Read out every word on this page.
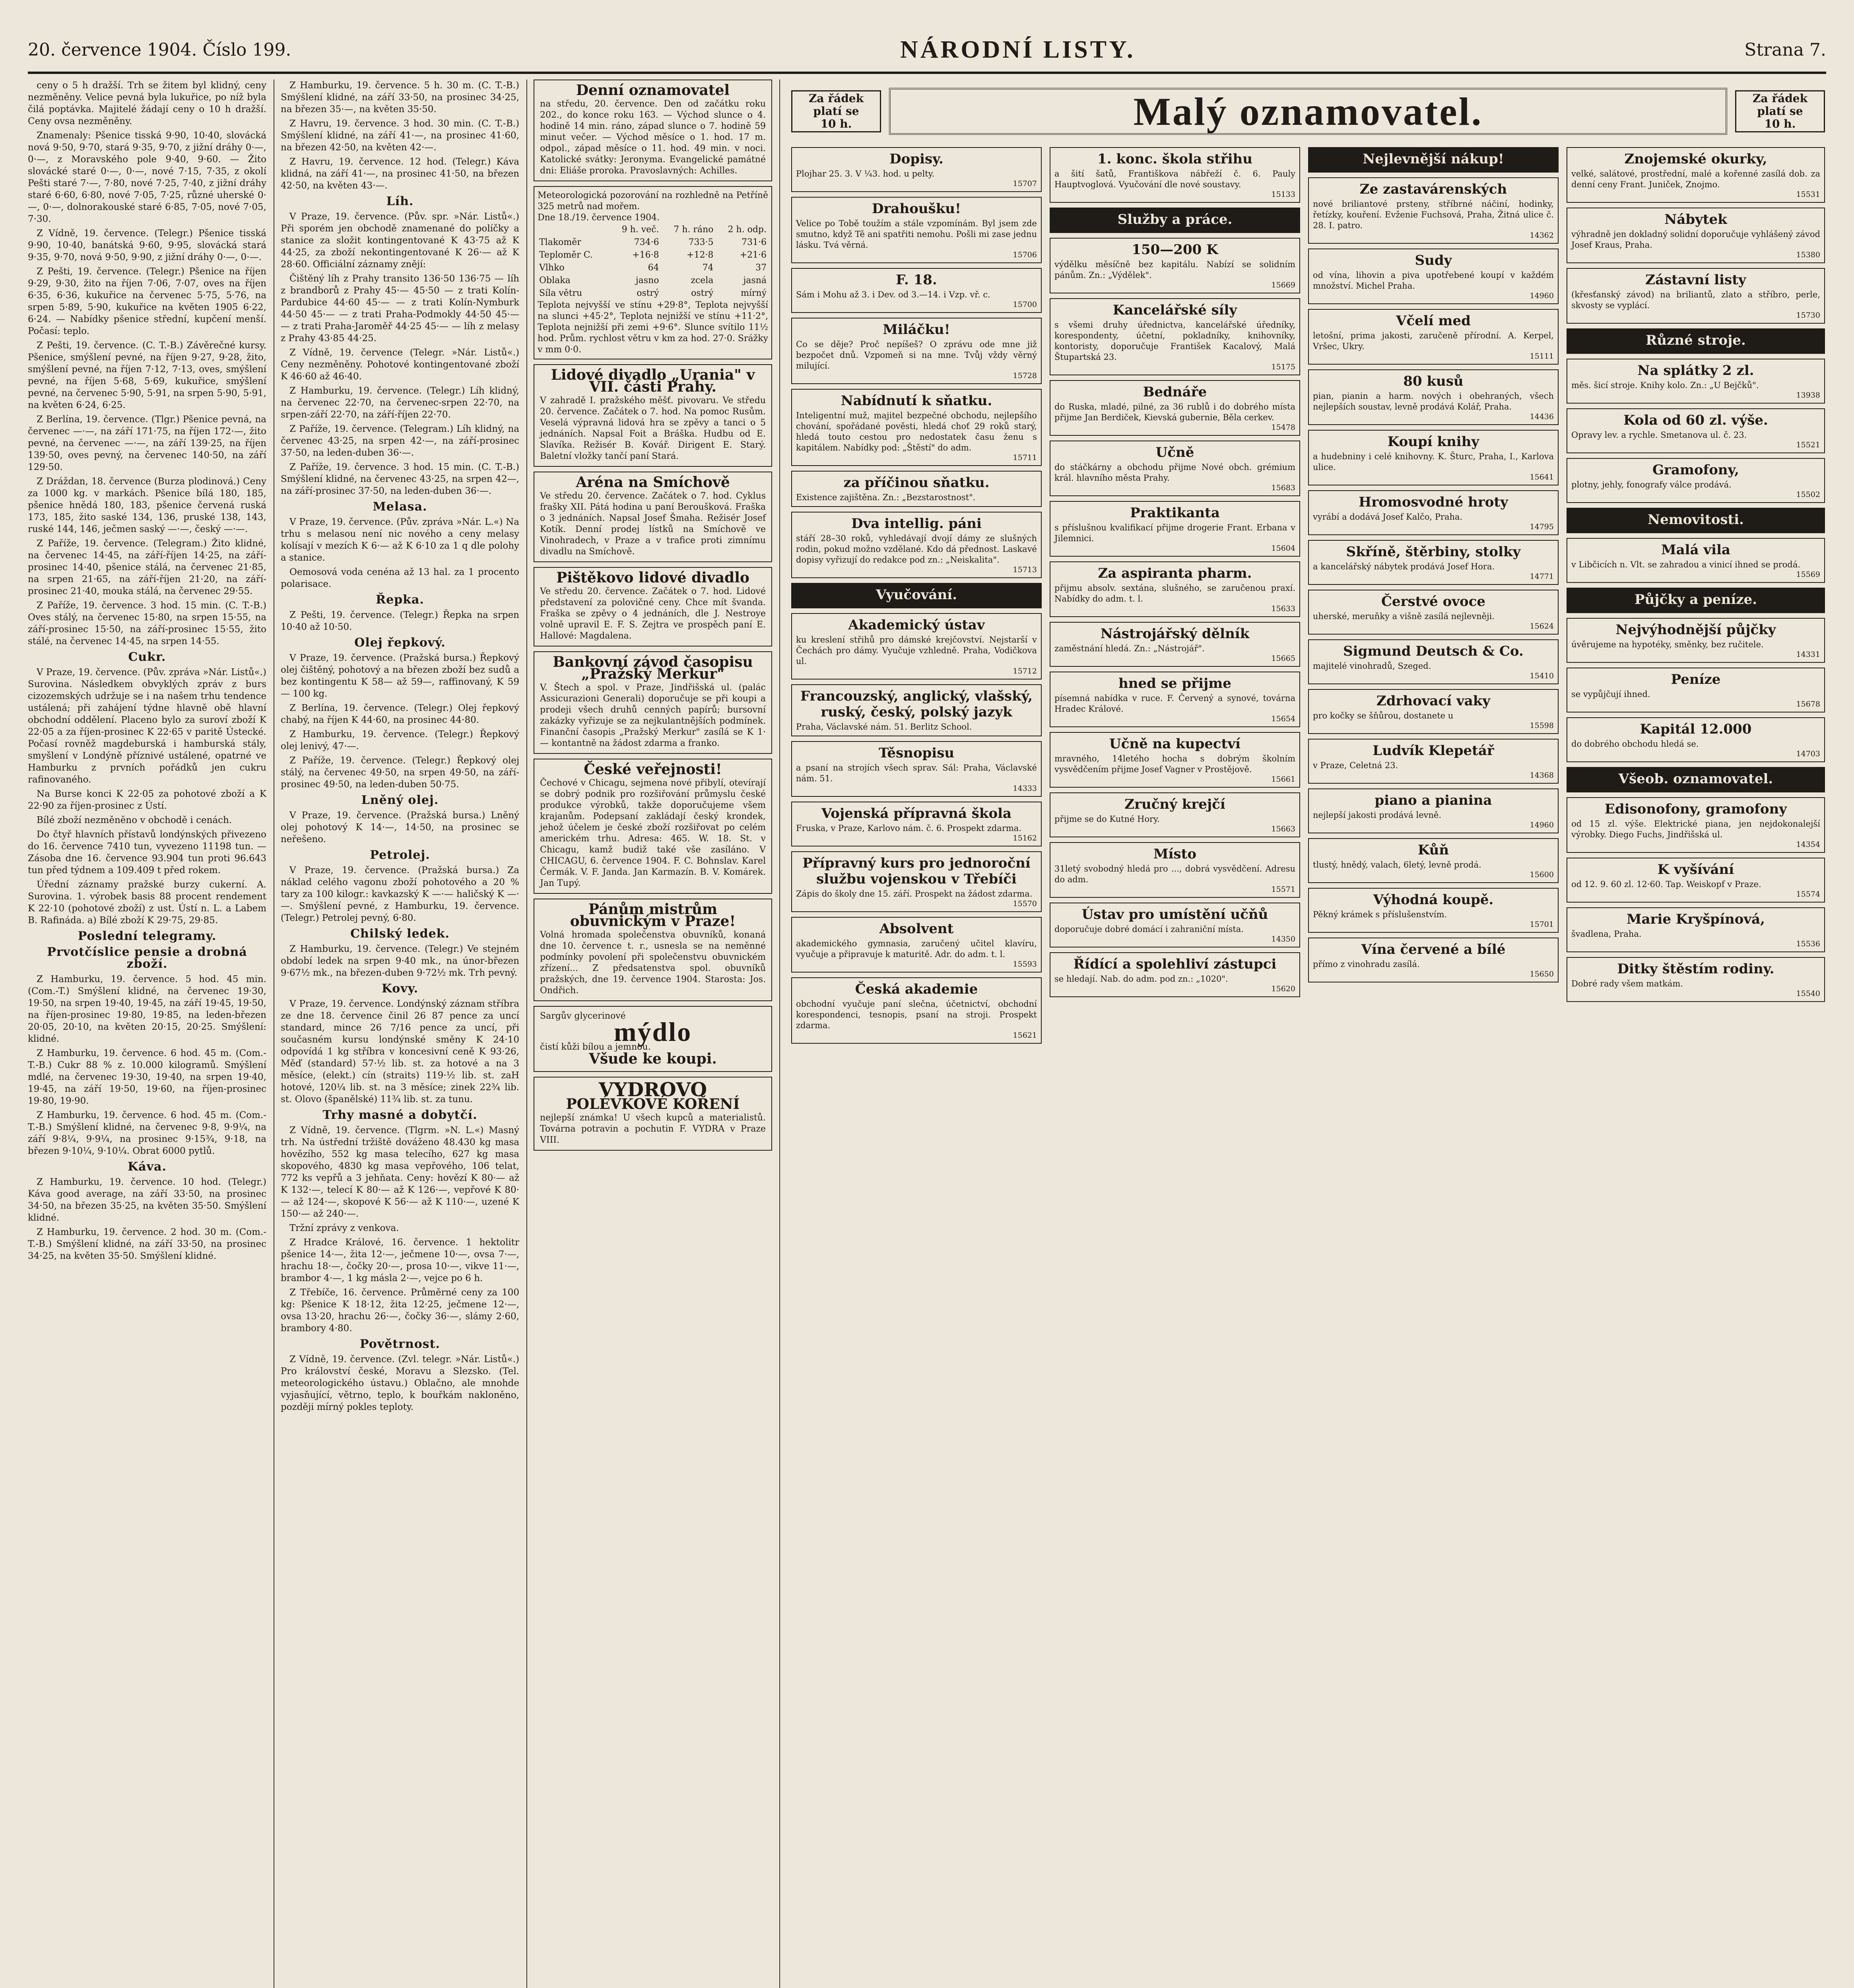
20. července 1904. Číslo 199.	NÁRODNÍ LISTY.	Strana 7.

ceny o 5 h dražší. Trh se žitem byl klidný, ceny nezměněny. Velice pevná byla lukuřice, po níž byla čilá poptávka. Majitelé žádají ceny o 10 h dražší. Ceny ovsa nezměněny.

Znamenaly: Pšenice tisská 9·90, 10·40, slovácká nová 9·50, 9·70, stará 9·35, 9·70, z jižní dráhy 0·—, 0·—, z Moravského pole 9·40, 9·60. — Žito slovácké staré 0·—, 0·—, nové 7·15, 7·35, z okolí Pešti staré 7·—, 7·80, nové 7·25, 7·40, z jižní dráhy staré 6·60, 6·80, nové 7·05, 7·25, různé uherské 0·—, 0·—, dolnorakouské staré 6·85, 7·05, nové 7·05, 7·30.

Z Vídně, 19. července. (Telegr.) Pšenice tisská 9·90, 10·40, banátská 9·60, 9·95, slovácká stará 9·35, 9·70, nová 9·50, 9·90, z jižní dráhy 0·—, 0·—.

Z Pešti, 19. července. (Telegr.) Pšenice na říjen 9·29, 9·30, žito na říjen 7·06, 7·07, oves na říjen 6·35, 6·36, kukuřice na červenec 5·75, 5·76, na srpen 5·89, 5·90, kukuřice na květen 1905 6·22, 6·24. — Nabídky pšenice střední, kupčení menší. Počasí: teplo.

Z Pešti, 19. července. (C. T.-B.) Závěrečné kursy. Pšenice, smýšlení pevné, na říjen 9·27, 9·28, žito, smýšlení pevné, na říjen 7·12, 7·13, oves, smýšlení pevné, na říjen 5·68, 5·69, kukuřice, smýšlení pevné, na červenec 5·90, 5·91, na srpen 5·90, 5·91, na květen 6·24, 6·25.

Z Berlína, 19. července. (Tlgr.) Pšenice pevná, na červenec —·—, na září 171·75, na říjen 172·—, žito pevné, na červenec —·—, na září 139·25, na říjen 139·50, oves pevný, na červenec 140·50, na září 129·50.

Z Dráždan, 18. července (Burza plodinová.) Ceny za 1000 kg. v markách. Pšenice bílá 180, 185, pšenice hnědá 180, 183, pšenice červená ruská 173, 185, žito saské 134, 136, pruské 138, 143, ruské 144, 146, ječmen saský —·—, český —·—.

Z Paříže, 19. července. (Telegram.) Žito klidné, na červenec 14·45, na září-říjen 14·25, na září-prosinec 14·40, pšenice stálá, na červenec 21·85, na srpen 21·65, na září-říjen 21·20, na září-prosinec 21·40, mouka stálá, na červenec 29·55.

Z Paříže, 19. července. 3 hod. 15 min. (C. T.-B.) Oves stálý, na červenec 15·80, na srpen 15·55, na září-prosinec 15·50, na září-prosinec 15·55, žito stálé, na červenec 14·45, na srpen 14·55.

Cukr.

V Praze, 19. července. (Pův. zpráva »Nár. Listů«.) Surovina. Následkem obvyklých zpráv z burs cizozemských udržuje se i na našem trhu tendence ustálená; při zahájení týdne hlavně obě hlavní obchodní oddělení. Placeno bylo za suroví zboží K 22·05 a za říjen-prosinec K 22·65 v paritě Ústecké. Počasí rovněž magdeburská i hamburská stály, smyšlení v Londýně příznivé ustálené, opatrné ve Hamburku z prvních pořádků jen cukru rafinovaného.

Na Burse konci K 22·05 za pohotové zboží a K 22·90 za říjen-prosinec z Ústí.

Bílé zboží nezměněno v obchodě i cenách.

Do čtyř hlavních přístavů londýnských přivezeno do 16. července 7410 tun, vyvezeno 11198 tun. — Zásoba dne 16. července 93.904 tun proti 96.643 tun před týdnem a 109.409 t před rokem.

Úřední záznamy pražské burzy cukerní. A. Surovina. 1. výrobek basis 88 procent rendement K 22·10 (pohotové zboží) z ust. Ústí n. L. a Labem B. Rafináda. a) Bílé zboží K 29·75, 29·85.

Poslední telegramy.
Prvotčíslice pensie a drobná zboží.

Z Hamburku, 19. července. 5 hod. 45 min. (Com.-T.) Smýšlení klidné, na červenec 19·30, 19·50, na srpen 19·40, 19·45, na září 19·45, 19·50, na říjen-prosinec 19·80, 19·85, na leden-březen 20·05, 20·10, na květen 20·15, 20·25. Smýšlení: klidné.

Z Hamburku, 19. července. 6 hod. 45 m. (Com.-T.-B.) Cukr 88 % z. 10.000 kilogramů. Smýšlení mdlé, na červenec 19·30, 19·40, na srpen 19·40, 19·45, na září 19·50, 19·60, na říjen-prosinec 19·80, 19·90.

Z Hamburku, 19. července. 6 hod. 45 m. (Com.-T.-B.) Smýšlení klidné, na červenec 9·8, 9·9¼, na září 9·8¼, 9·9¼, na prosinec 9·15¾, 9·18, na březen 9·10¼, 9·10¼. Obrat 6000 pytlů.

Káva.

Z Hamburku, 19. července. 10 hod. (Telegr.) Káva good average, na září 33·50, na prosinec 34·50, na březen 35·25, na květen 35·50. Smýšlení klidné.

Z Hamburku, 19. července. 2 hod. 30 m. (Com.-T.-B.) Smýšlení klidné, na září 33·50, na prosinec 34·25, na květen 35·50. Smýšlení klidné.

Z Hamburku, 19. července. 5 h. 30 m. (C. T.-B.) Smýšlení klidné, na září 33·50, na prosinec 34·25, na březen 35·—, na květen 35·50.

Z Havru, 19. července. 3 hod. 30 min. (C. T.-B.) Smýšlení klidné, na září 41·—, na prosinec 41·60, na březen 42·50, na květen 42·—.

Z Havru, 19. července. 12 hod. (Telegr.) Káva klidná, na září 41·—, na prosinec 41·50, na březen 42·50, na květen 43·—.

Líh.

V Praze, 19. července. (Pův. spr. »Nár. Listů«.) Při sporém jen obchodě znamenané do políčky a stanice za složit kontingentované K 43·75 až K 44·25, za zboží nekontingentované K 26·— až K 28·60. Officiální záznamy znějí:

Čištěný líh z Prahy transito 136·50 136·75 — líh z brandborů z Prahy 45·— 45·50 — z trati Kolín-Pardubice 44·60 45·— — z trati Kolín-Nymburk 44·50 45·— — z trati Praha-Podmokly 44·50 45·— — z trati Praha-Jaroměř 44·25 45·— — líh z melasy z Prahy 43·85 44·25.

Z Vídně, 19. července (Telegr. »Nár. Listů«.) Ceny nezměněny. Pohotové kontingentované zboží K 46·60 až 46·40.

Z Hamburku, 19. července. (Telegr.) Líh klidný, na červenec 22·70, na červenec-srpen 22·70, na srpen-září 22·70, na září-říjen 22·70.

Z Paříže, 19. července. (Telegram.) Líh klidný, na červenec 43·25, na srpen 42·—, na září-prosinec 37·50, na leden-duben 36·—.

Z Paříže, 19. července. 3 hod. 15 min. (C. T.-B.) Smýšlení klidné, na červenec 43·25, na srpen 42—, na září-prosinec 37·50, na leden-duben 36·—.

Melasa.

V Praze, 19. července. (Pův. zpráva »Nár. L.«) Na trhu s melasou není nic nového a ceny melasy kolísají v mezích K 6·— až K 6·10 za 1 q dle polohy a stanice.

Oemosová voda cenéna až 13 hal. za 1 procento polarisace.

Řepka.

Z Pešti, 19. července. (Telegr.) Řepka na srpen 10·40 až 10·50.

Olej řepkový.

V Praze, 19. července. (Pražská bursa.) Řepkový olej čištěný, pohotový a na březen zboží bez sudů a bez kontingentu K 58— až 59—, raffinovaný, K 59 — 100 kg.

Z Berlína, 19. července. (Telegr.) Olej řepkový chabý, na říjen K 44·60, na prosinec 44·80.

Z Hamburku, 19. července. (Telegr.) Řepkový olej lenivý, 47·—.

Z Paříže, 19. července. (Telegr.) Řepkový olej stálý, na červenec 49·50, na srpen 49·50, na září-prosinec 49·50, na leden-duben 50·75.

Lněný olej.

V Praze, 19. července. (Pražská bursa.) Lněný olej pohotový K 14·—, 14·50, na prosinec se neřešeno.

Petrolej.

V Praze, 19. července. (Pražská bursa.) Za náklad celého vagonu zboží pohotového a 20 % tary za 100 kilogr.: kavkazský K —·— haličský K —·—. Smýšlení pevné, z Hamburku, 19. července. (Telegr.) Petrolej pevný, 6·80.

Chilský ledek.

Z Hamburku, 19. července. (Telegr.) Ve stejném období ledek na srpen 9·40 mk., na únor-březen 9·67½ mk., na březen-duben 9·72½ mk. Trh pevný.

Kovy.

V Praze, 19. července. Londýnský záznam stříbra ze dne 18. července činil 26 87 pence za uncí standard, mince 26 7/16 pence za uncí, při současném kursu londýnské směny K 24·10 odpovídá 1 kg stříbra v koncesivní ceně K 93·26, Měď (standard) 57·½ lib. st. za hotové a na 3 měsíce, (elekt.) cín (straits) 119·½ lib. st. zaH hotové, 120¼ lib. st. na 3 měsíce; zinek 22¾ lib. st. Olovo (španělské) 11¾ lib. st. za tunu.

Trhy masné a dobytčí.

Z Vídně, 19. července. (Tlgrm. »N. L.«) Masný trh. Na ústřední tržiště dováženo 48.430 kg masa hovězího, 552 kg masa telecího, 627 kg masa skopového, 4830 kg masa vepřového, 106 telat, 772 ks vepřů a 3 jehňata. Ceny: hovězí K 80·— až K 132·—, telecí K 80·— až K 126·—, vepřové K 80·— až 124·—, skopové K 56·— až K 110·—, uzené K 150·— až 240·—.

Tržní zprávy z venkova.

Z Hradce Králové, 16. července. 1 hektolitr pšenice 14·—, žita 12·—, ječmene 10·—, ovsa 7·—, hrachu 18·—, čočky 20·—, prosa 10·—, vikve 11·—, brambor 4·—, 1 kg másla 2·—, vejce po 6 h.

Z Třebíče, 16. července. Průměrné ceny za 100 kg: Pšenice K 18·12, žita 12·25, ječmene 12·—, ovsa 13·20, hrachu 26·—, čočky 36·—, slámy 2·60, brambory 4·80.

Povětrnost.

Z Vídně, 19. července. (Zvl. telegr. »Nár. Listů«.) Pro království české, Moravu a Slezsko. (Tel. meteorologického ústavu.) Oblačno, ale mnohde vyjasňující, větrno, teplo, k bouřkám nakloněno, později mírný pokles teploty.

Denní oznamovatel
na středu, 20. července. Den od začátku roku 202., do konce roku 163. — Východ slunce o 4. hodině 14 min. ráno, západ slunce o 7. hodině 59 minut večer. — Východ měsíce o 1. hod. 17 m. odpol., západ měsíce o 11. hod. 49 min. v noci. Katolické svátky: Jeronyma. Evangelické památné dni: Eliáše proroka. Pravoslavných: Achilles.
Meteorologická pozorování na rozhledně na Petříně 325 metrů nad mořem.
Dne 18./19. července 1904.
	9 h. več.	7 h. ráno	2 h. odp.
Tlakoměr	734·6	733·5	731·6
Teploměr C.	+16·8	+12·8	+21·6
Vlhko	64	74	37
Oblaka	jasno	zcela	jasná
Síla větru	ostrý	ostrý	mírný
Teplota nejvyšší ve stínu +29·8°, Teplota nejvyšší na slunci +45·2°, Teplota nejnižší ve stínu +11·2°, Teplota nejnižší při zemi +9·6°. Slunce svítilo 11½ hod. Prům. rychlost větru v km za hod. 27·0. Srážky v mm 0·0.
Lidové divadlo „Urania" v VII. části Prahy.
V zahradě I. pražského měšť. pivovaru. Ve středu 20. července. Začátek o 7. hod. Na pomoc Rusům. Veselá výpravná lidová hra se zpěvy a tanci o 5 jednáních. Napsal Foit a Bráška. Hudbu od E. Slavíka. Režisér B. Kovář. Dirigent E. Starý. Baletní vložky tančí paní Stará.
Aréna na Smíchově
Ve středu 20. července. Začátek o 7. hod. Cyklus frašky XII. Pátá hodina u paní Beroušková. Fraška o 3 jednáních. Napsal Josef Šmaha. Režisér Josef Kotík. Denní prodej lístků na Smíchově ve Vinohradech, v Praze a v trafice proti zimnímu divadlu na Smíchově.
Pištěkovo lidové divadlo
Ve středu 20. července. Začátek o 7. hod. Lidové představení za polovičné ceny. Chce mít švanda. Fraška se zpěvy o 4 jednáních, dle J. Nestroye volně upravil E. F. S. Zejtra ve prospěch paní E. Hallové: Magdalena.
Bankovní závod časopisu „Pražský Merkur"
V. Štech a spol. v Praze, Jindřišská ul. (palác Assicurazioni Generali) doporučuje se při koupi a prodeji všech druhů cenných papírů; bursovní zakázky vyřizuje se za nejkulantnějších podmínek. Finanční časopis „Pražský Merkur" zasílá se K 1·— kontantně na žádost zdarma a franko.
České veřejnosti!
Čechové v Chicagu, sejmena nové přibylí, otevírají se dobrý podnik pro rozšiřování průmyslu české produkce výrobků, takže doporučujeme všem krajanům. Podepsaní zakládají český krondek, jehož účelem je české zboží rozšiřovat po celém americkém trhu. Adresa: 465. W. 18. St. v Chicagu, kamž budiž také vše zasíláno. V CHICAGU, 6. července 1904. F. C. Bohnslav. Karel Čermák. V. F. Janda. Jan Karmazín. B. V. Komárek. Jan Tupý.
Pánům mistrům obuvnickým v Praze!
Volná hromada společenstva obuvníků, konaná dne 10. července t. r., usnesla se na neměnné podmínky povolení při společenstvu obuvnickém zřízení... Z předsatenstva spol. obuvníků pražských, dne 19. července 1904. Starosta: Jos. Ondřich.
Sargův glycerinové
mýdlo
čistí kůži bílou a jemnou.
Všude ke koupi.
VYDROVO
POLÉVKOVÉ KOŘENÍ
nejlepší známka! U všech kupců a materialistů. Továrna potravin a pochutin F. VYDRA v Praze VIII.
Za řádek
platí se
10 h.	Malý oznamovatel.	Za řádek
platí se
10 h.
Dopisy.
Plojhar 25. 3. V ¼3. hod. u pelty.
15707
Drahoušku!
Velice po Tobě toužím a stále vzpomínám. Byl jsem zde smutno, když Tě ani spatřiti nemohu. Pošli mi zase jednu lásku. Tvá věrná.
15706
F. 18.
Sám i Mohu až 3. i Dev. od 3.—14. i Vzp. vř. c.
15700
Miláčku!
Co se děje? Proč nepíšeš? O zprávu ode mne již bezpočet dnů. Vzpomeň si na mne. Tvůj vždy věrný milující.
15728
Nabídnutí k sňatku.
Inteligentní muž, majitel bezpečné obchodu, nejlepšího chování, spořádané pověsti, hledá choť 29 roků starý, hledá touto cestou pro nedostatek času ženu s kapitálem. Nabídky pod: „Štěstí" do adm.
15711
za příčinou sňatku.
Existence zajištěna. Zn.: „Bezstarostnost".
Dva intellig. páni
stáří 28–30 roků, vyhledávají dvojí dámy ze slušných rodin, pokud možno vzdělané. Kdo dá přednost. Laskavé dopisy vyřizují do redakce pod zn.: „Neiskalita".
15713
Vyučování.
Akademický ústav
ku kreslení střihů pro dámské krejčovství. Nejstarší v Čechách pro dámy. Vyučuje vzhledně. Praha, Vodičkova ul.
15712
Francouzský, anglický, vlašský, ruský, český, polský jazyk
Praha, Václavské nám. 51. Berlitz School.
Těsnopisu
a psaní na strojích všech sprav. Sál: Praha, Václavské nám. 51.
14333
Vojenská přípravná škola
Fruska, v Praze, Karlovo nám. č. 6. Prospekt zdarma.
15162
Přípravný kurs pro jednoroční službu vojenskou v Třebíči
Zápis do školy dne 15. září. Prospekt na žádost zdarma.
15570
Absolvent
akademického gymnasia, zaručený učitel klavíru, vyučuje a připravuje k maturitě. Adr. do adm. t. l.
15593
Česká akademie
obchodní vyučuje paní slečna, účetnictví, obchodní korespondenci, tesnopis, psaní na stroji. Prospekt zdarma.
15621
1. konc. škola střihu
a šití šatů, Františkova nábřeží č. 6. Pauly Hauptvoglová. Vyučování dle nové soustavy.
15133
Služby a práce.
150—200 K
výdělku měsíčně bez kapitálu. Nabízí se solidním pánům. Zn.: „Výdělek".
15669
Kancelářské síly
s všemi druhy úřednictva, kancelářské úředníky, korespondenty, účetní, pokladníky, knihovníky, kontoristy, doporučuje František Kacalový, Malá Štupartská 23.
15175
Bednáře
do Ruska, mladé, pilné, za 36 rublů i do dobrého místa přijme Jan Berdiček, Kievská gubernie, Běla cerkev.
15478
Učně
do stáčkárny a obchodu přijme Nové obch. grémium král. hlavního města Prahy.
15683
Praktikanta
s příslušnou kvalifikací přijme drogerie Frant. Erbana v Jilemnici.
15604
Za aspiranta pharm.
přijmu absolv. sextána, slušného, se zaručenou praxí. Nabídky do adm. t. l.
15633
Nástrojářský dělník
zaměstnání hledá. Zn.: „Nástrojář".
15665
hned se přijme
písemná nabídka v ruce. F. Červený a synové, továrna Hradec Králové.
15654
Učně na kupectví
mravného, 14letého hocha s dobrým školním vysvědčením přijme Josef Vagner v Prostějově.
15661
Zručný krejčí
přijme se do Kutné Hory.
15663
Místo
31letý svobodný hledá pro ..., dobrá vysvědčení. Adresu do adm.
15571
Ústav pro umístění učňů
doporučuje dobré domácí i zahraniční místa.
14350
Řídící a spolehliví zástupci
se hledají. Nab. do adm. pod zn.: „1020".
15620
Nejlevnější nákup!
Ze zastavárenských
nové briliantové prsteny, stříbrné náčiní, hodinky, řetízky, kouření. Evženie Fuchsová, Praha, Žitná ulice č. 28. I. patro.
14362
Sudy
od vína, lihovin a piva upotřebené koupí v každém množství. Michel Praha.
14960
Včelí med
letošní, prima jakosti, zaručeně přírodní. A. Kerpel, Vršec, Ukry.
15111
80 kusů
pian, pianin a harm. nových i obehraných, všech nejlepších soustav, levně prodává Kolář, Praha.
14436
Koupí knihy
a hudebniny i celé knihovny. K. Šturc, Praha, I., Karlova ulice.
15641
Hromosvodné hroty
vyrábí a dodává Josef Kalčo, Praha.
14795
Skříně, štěrbiny, stolky
a kancelářský nábytek prodává Josef Hora.
14771
Čerstvé ovoce
uherské, meruňky a višně zasílá nejlevněji.
15624
Sigmund Deutsch & Co.
majitelé vinohradů, Szeged.
15410
Zdrhovací vaky
pro kočky se šňůrou, dostanete u
15598
Ludvík Klepetář
v Praze, Celetná 23.
14368
piano a pianina
nejlepší jakosti prodává levně.
14960
Kůň
tlustý, hnědý, valach, 6letý, levně prodá.
15600
Výhodná koupě.
Pěkný krámek s příslušenstvím.
15701
Vína červené a bílé
přímo z vinohradu zasílá.
15650
Znojemské okurky,
velké, salátové, prostřední, malé a kořenné zasílá dob. za denní ceny Frant. Juniček, Znojmo.
15531
Nábytek
výhradně jen dokladný solidní doporučuje vyhlášený závod Josef Kraus, Praha.
15380
Zástavní listy
(křesťanský závod) na briliantů, zlato a stříbro, perle, skvosty se vyplácí.
15730
Různé stroje.
Na splátky 2 zl.
měs. šicí stroje. Knihy kolo. Zn.: „U Bejčků".
13938
Kola od 60 zl. výše.
Opravy lev. a rychle. Smetanova ul. č. 23.
15521
Gramofony,
plotny, jehly, fonografy válce prodává.
15502
Nemovitosti.
Malá vila
v Libčicích n. Vlt. se zahradou a vinicí ihned se prodá.
15569
Půjčky a peníze.
Nejvýhodnější půjčky
úvěrujeme na hypotéky, směnky, bez ručitele.
14331
Peníze
se vypůjčují ihned.
15678
Kapitál 12.000
do dobrého obchodu hledá se.
14703
Všeob. oznamovatel.
Edisonofony, gramofony
od 15 zl. výše. Elektrické piana, jen nejdokonalejší výrobky. Diego Fuchs, Jindřišská ul.
14354
K vyšívání
od 12. 9. 60 zl. 12·60. Tap. Weiskopf v Praze.
15574
Marie Kryšpínová,
švadlena, Praha.
15536
Ditky štěstím rodiny.
Dobré rady všem matkám.
15540
